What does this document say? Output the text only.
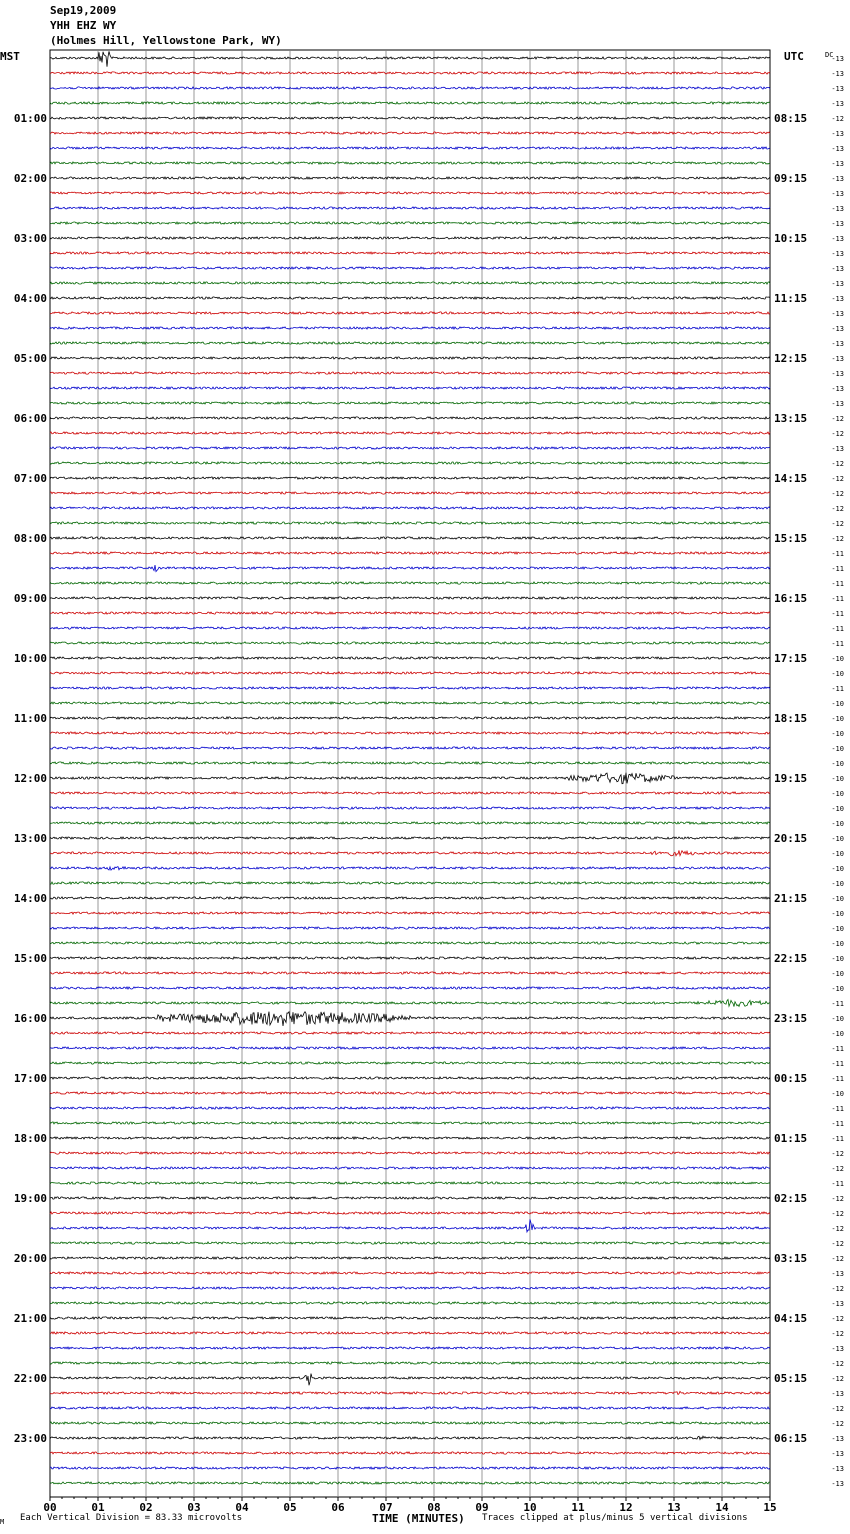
Sep19,2009
YHH EHZ WY
(Holmes Hill, Yellowstone Park, WY)
MST	UTC
00	01	02	03	04	05	06	07	08	09	10	11	12	13	14	15
-13
-13
-13
-13
-12
-13
-13
-13
-13
-13
-13
-13
-13
-13
-13
-13
-13
-13
-13
-13
-13
-13
-13
-13
-12
-12
-13
-12
-12
-12
-12
-12
-12
-11
-11
-11
-11
-11
-11
-11
-10
-10
-11
-10
-10
-10
-10
-10
-10
-10
-10
-10
-10
-10
-10
-10
-10
-10
-10
-10
-10
-10
-10
-11
-10
-10
-11
-11
-11
-10
-11
-11
-11
-12
-12
-11
-12
-12
-12
-12
-12
-13
-12
-13
-12
-12
-13
-12
-12
-13
-12
-12
-13
-13
-13
-13
DC
01:00	08:15
02:00	09:15
03:00	10:15
04:00	11:15
05:00	12:15
06:00	13:15
07:00	14:15
08:00	15:15
09:00	16:15
10:00	17:15
11:00	18:15
12:00	19:15
13:00	20:15
14:00	21:15
15:00	22:15
16:00	23:15
17:00	00:15
18:00	01:15
19:00	02:15
20:00	03:15
21:00	04:15
22:00	05:15
23:00	06:15
TIME (MINUTES)
Each Vertical Division = 83.33 microvolts	Traces clipped at plus/minus 5 vertical divisions
M
